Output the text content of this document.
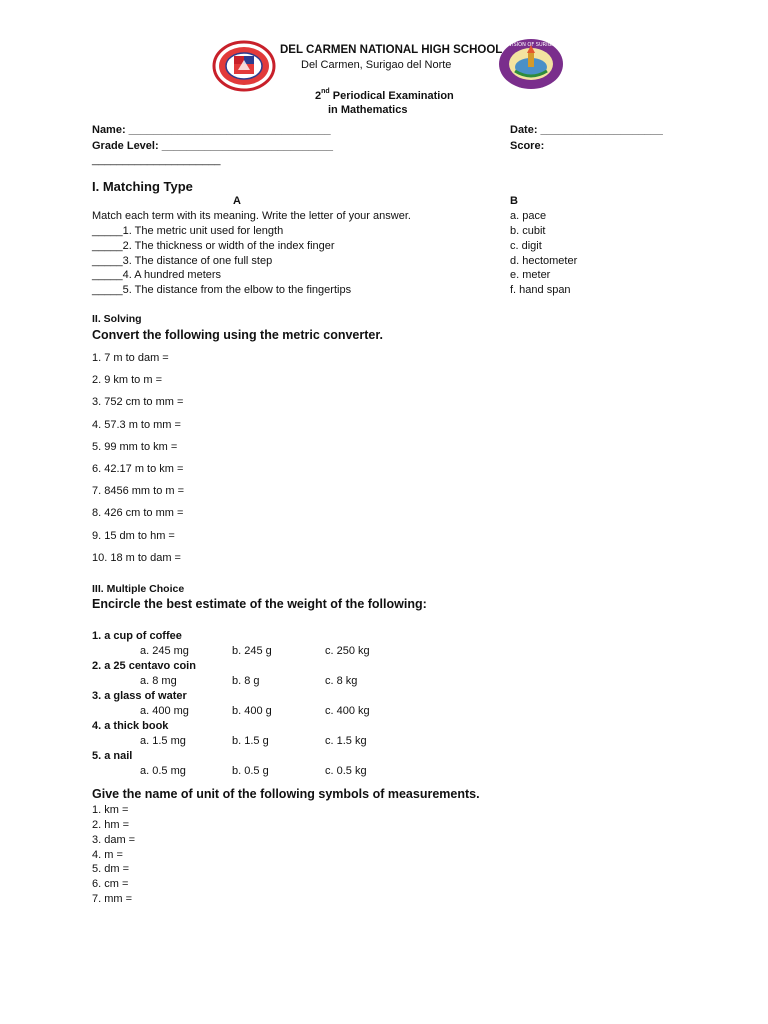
DIVISION OF SURIGAO
DEL CARMEN NATIONAL HIGH SCHOOL
Del Carmen, Surigao del Norte
2nd Periodical Examination
in Mathematics
Name: _________________________________
Grade Level: ____________________________
_____________________
Date: ____________________
Score:
I. Matching Type
A	B
Match each term with its meaning. Write the letter of your answer.
_____1. The metric unit used for length
_____2. The thickness or width of the index finger
_____3. The distance of one full step
_____4. A hundred meters
_____5. The distance from the elbow to the fingertips
a. pace
b. cubit
c. digit
d. hectometer
e. meter
f. hand span
II. Solving
Convert the following using the metric converter.
1. 7 m to dam =
2. 9 km to m =
3. 752 cm to mm =
4. 57.3 m to mm =
5. 99 mm to km =
6. 42.17 m to km =
7. 8456 mm to m =
8. 426 cm to mm =
9. 15 dm to hm =
10. 18 m to dam =
III. Multiple Choice
Encircle the best estimate of the weight of the following:
1. a cup of coffee
a. 245 mg	b. 245 g	c. 250 kg
2. a 25 centavo coin
a. 8 mg	b. 8 g	c. 8 kg
3. a glass of water
a. 400 mg	b. 400 g	c. 400 kg
4. a thick book
a. 1.5 mg	b. 1.5 g	c. 1.5 kg
5. a nail
a. 0.5 mg	b. 0.5 g	c. 0.5 kg
Give the name of unit of the following symbols of measurements.
1. km =
2. hm =
3. dam =
4. m =
5. dm =
6. cm =
7. mm =
